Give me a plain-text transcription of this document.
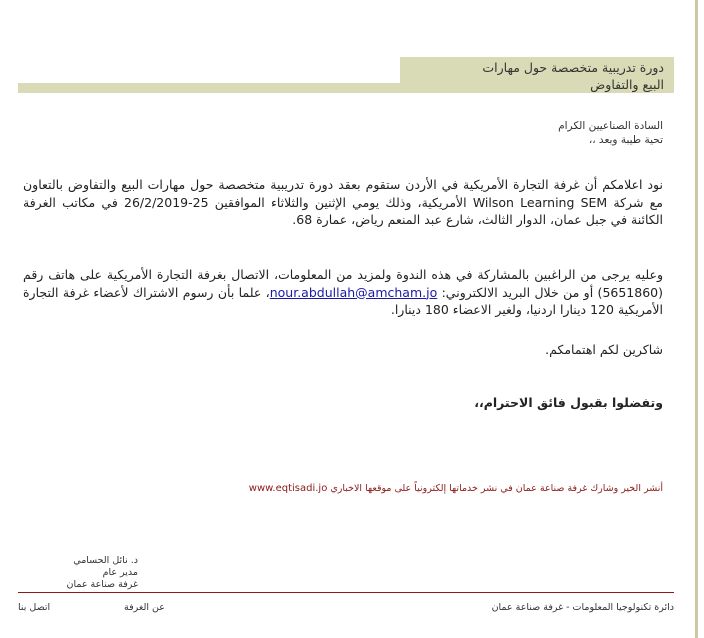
دورة تدريبية متخصصة حول مهارات
البيع والتفاوض
السادة الصناعيين الكرام
تحية طيبة وبعد ،،
نود اعلامكم أن غرفة التجارة الأمريكية في الأردن ستقوم بعقد دورة تدريبية متخصصة حول مهارات البيع والتفاوض بالتعاون مع شركة Wilson Learning SEM الأمريكية، وذلك يومي الإثنين والثلاثاء الموافقين 25-26/2/2019 في مكاتب الغرفة الكائنة في جبل عمان، الدوار الثالث، شارع عبد المنعم رياض، عمارة 68.
وعليه يرجى من الراغبين بالمشاركة في هذه الندوة ولمزيد من المعلومات، الاتصال بغرفة التجارة الأمريكية على هاتف رقم (5651860) أو من خلال البريد الالكتروني: nour.abdullah@amcham.jo، علما بأن رسوم الاشتراك لأعضاء غرفة التجارة الأمريكية 120 دينارا اردنيا، ولغير الاعضاء 180 دينارا.
شاكرين لكم اهتمامكم.
وتفضلوا بقبول فائق الاحترام،،
أنشر الخير وشارك غرفة صناعة عمان في نشر خدماتها إلكترونياً على موقعها الاخباري www.eqtisadi.jo
د. نائل الحسامي
مدير عام
غرفة صناعة عمان
دائرة تكنولوجيا المعلومات - غرفة صناعة عمان
عن الغرفة
اتصل بنا
